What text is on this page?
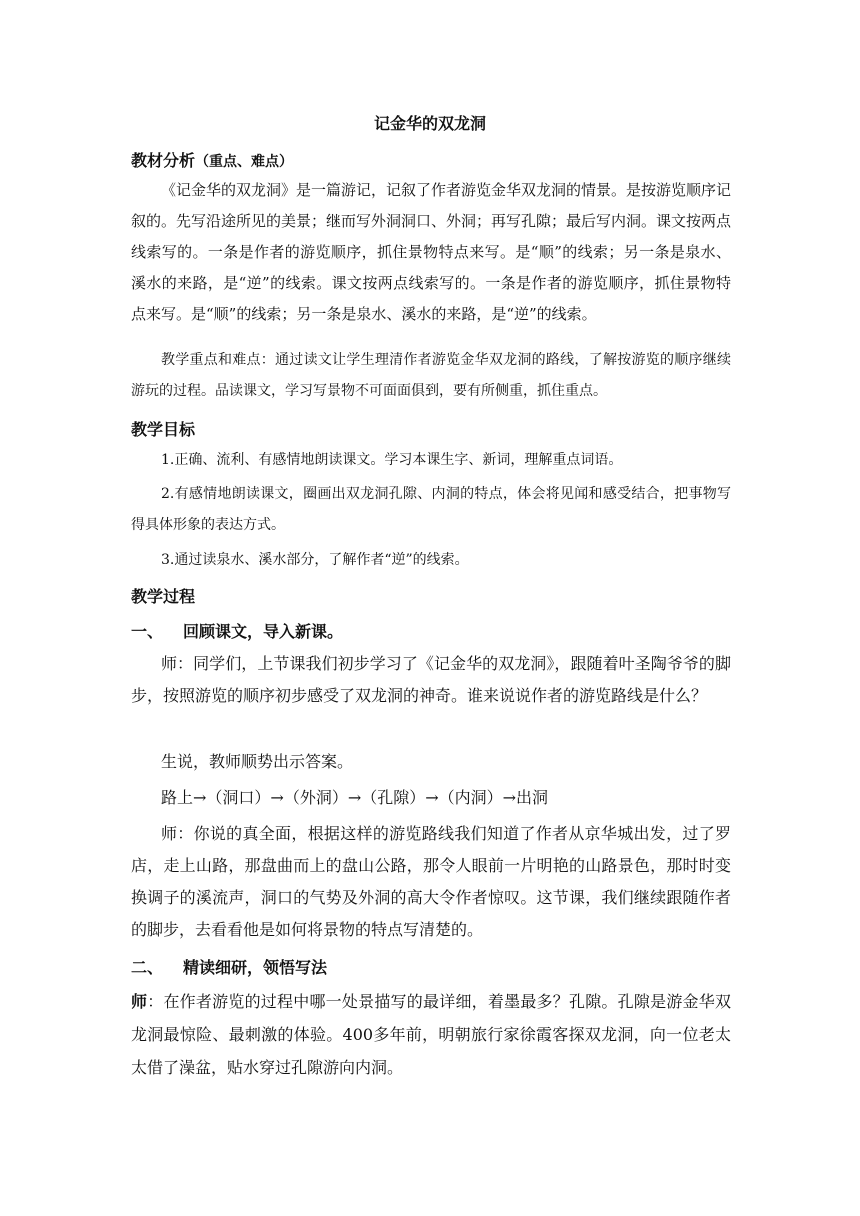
记金华的双龙洞
教材分析（重点、难点）

《记金华的双龙洞》是一篇游记，记叙了作者游览金华双龙洞的情景。是按游览顺序记叙的。先写沿途所见的美景；继而写外洞洞口、外洞；再写孔隙；最后写内洞。课文按两点线索写的。一条是作者的游览顺序，抓住景物特点来写。是“顺”的线索；另一条是泉水、溪水的来路，是“逆”的线索。课文按两点线索写的。一条是作者的游览顺序，抓住景物特点来写。是“顺”的线索；另一条是泉水、溪水的来路，是“逆”的线索。

教学重点和难点：通过读文让学生理清作者游览金华双龙洞的路线，了解按游览的顺序继续游玩的过程。品读课文，学习写景物不可面面俱到，要有所侧重，抓住重点。

教学目标

1.正确、流利、有感情地朗读课文。学习本课生字、新词，理解重点词语。

2.有感情地朗读课文，圈画出双龙洞孔隙、内洞的特点，体会将见闻和感受结合，把事物写得具体形象的表达方式。

3.通过读泉水、溪水部分，了解作者“逆”的线索。

教学过程
一、 回顾课文，导入新课。

师：同学们，上节课我们初步学习了《记金华的双龙洞》，跟随着叶圣陶爷爷的脚步，按照游览的顺序初步感受了双龙洞的神奇。谁来说说作者的游览路线是什么？

生说，教师顺势出示答案。

路上→（洞口）→（外洞）→（孔隙）→（内洞）→出洞

师：你说的真全面，根据这样的游览路线我们知道了作者从京华城出发，过了罗店，走上山路，那盘曲而上的盘山公路，那令人眼前一片明艳的山路景色，那时时变换调子的溪流声，洞口的气势及外洞的高大令作者惊叹。这节课，我们继续跟随作者的脚步，去看看他是如何将景物的特点写清楚的。

二、 精读细研，领悟写法

师：在作者游览的过程中哪一处景描写的最详细，着墨最多？孔隙。孔隙是游金华双龙洞最惊险、最刺激的体验。400多年前，明朝旅行家徐霞客探双龙洞，向一位老太太借了澡盆，贴水穿过孔隙游向内洞。
